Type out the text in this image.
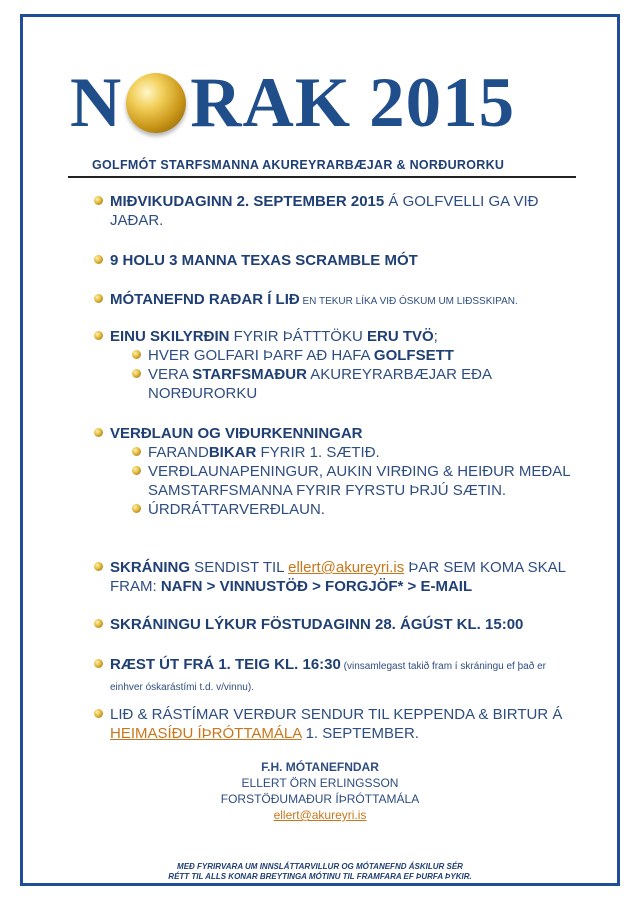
N RAK 2015
GOLFMÓT STARFSMANNA AKUREYRARBÆJAR & NORÐURORKU
MIÐVIKUDAGINN 2. SEPTEMBER 2015 Á GOLFVELLI GA VIÐ JAÐAR.
9 HOLU 3 MANNA TEXAS SCRAMBLE MÓT
MÓTANEFND RAÐAR Í LIÐ EN TEKUR LÍKA VIÐ ÓSKUM UM LIÐSSKIPAN.
EINU SKILYRÐIN FYRIR ÞÁTTTÖKU ERU TVÖ;
HVER GOLFARI ÞARF AÐ HAFA GOLFSETT
VERA STARFSMAÐUR AKUREYRARBÆJAR EÐA NORÐURORKU
VERÐLAUN OG VIÐURKENNINGAR
FARANDBIKAR FYRIR 1. SÆTIÐ.
VERÐLAUNAPENINGUR, AUKIN VIRÐING & HEIÐUR MEÐAL SAMSTARFSMANNA FYRIR FYRSTU ÞRJÚ SÆTIN.
ÚRDRÁTTARVERÐLAUN.
SKRÁNING SENDIST TIL ellert@akureyri.is ÞAR SEM KOMA SKAL FRAM: NAFN > VINNUSTÖÐ > FORGJÖF* > E-MAIL
SKRÁNINGU LÝKUR FÖSTUDAGINN 28. ÁGÚST KL. 15:00
RÆST ÚT FRÁ 1. TEIG KL. 16:30 (vinsamlegast takið fram í skráningu ef það er einhver óskarástími t.d. v/vinnu).
LIÐ & RÁSTÍMAR VERÐUR SENDUR TIL KEPPENDA & BIRTUR Á HEIMASÍÐU ÍÞRÓTTAMÁLA 1. SEPTEMBER.
F.H. MÓTANEFNDAR
ELLERT ÖRN ERLINGSSON
FORSTÖÐUMAÐUR ÍÞRÓTTAMÁLA
ellert@akureyri.is
MEÐ FYRIRVARA UM INNSLÁTTARVILLUR OG MÓTANEFND ÁSKILUR SÉR
RÉTT TIL ALLS KONAR BREYTINGA MÓTINU TIL FRAMFARA EF ÞURFA ÞYKIR.
